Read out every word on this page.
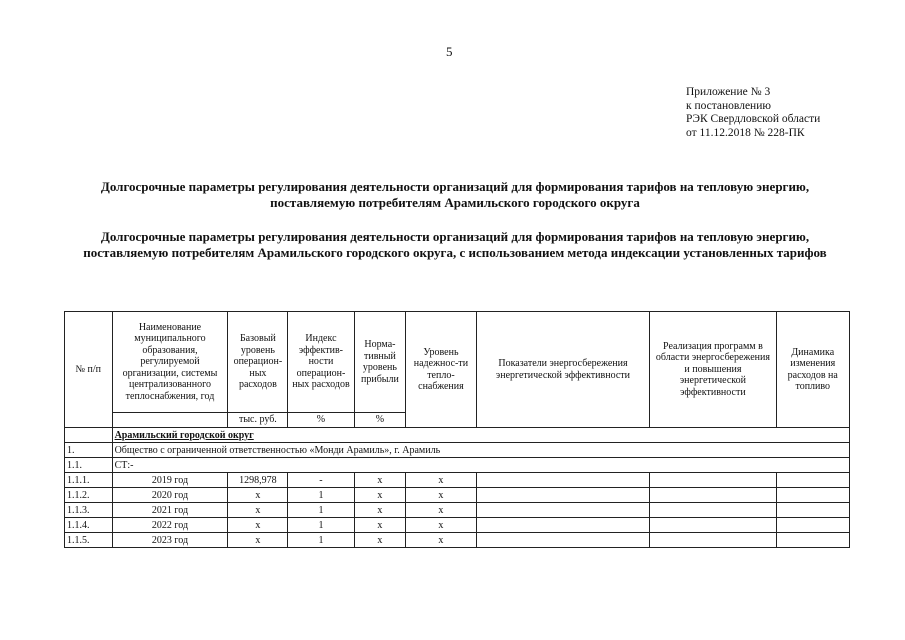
5
Приложение № 3
к постановлению
РЭК Свердловской области
от 11.12.2018 № 228-ПК
Долгосрочные параметры регулирования деятельности организаций для формирования тарифов на тепловую энергию, поставляемую потребителям Арамильского городского округа
Долгосрочные параметры регулирования деятельности организаций для формирования тарифов на тепловую энергию, поставляемую потребителям Арамильского городского округа, с использованием метода индексации установленных тарифов
№ п/п	Наименование муниципального образования, регулируемой организации, системы централизованного теплоснабжения, год	Базовый уровень операцион-ных расходов	Индекс эффектив-ности операцион-ных расходов	Норма-тивный уровень прибыли	Уровень надежнос-ти тепло-снабжения	Показатели энергосбережения энергетической эффективности	Реализация программ в области энергосбережения и повышения энергетической эффективности	Динамика изменения расходов на топливо
		тыс. руб.	%	%				
	Арамильский городской округ							
1.	Общество с ограниченной ответственностью «Монди Арамиль», г. Арамиль							
1.1.	СТ:-							
1.1.1.	2019 год	1298,978	-	х	х			
1.1.2.	2020 год	х	1	х	х			
1.1.3.	2021 год	х	1	х	х			
1.1.4.	2022 год	х	1	х	х			
1.1.5.	2023 год	х	1	х	х			
